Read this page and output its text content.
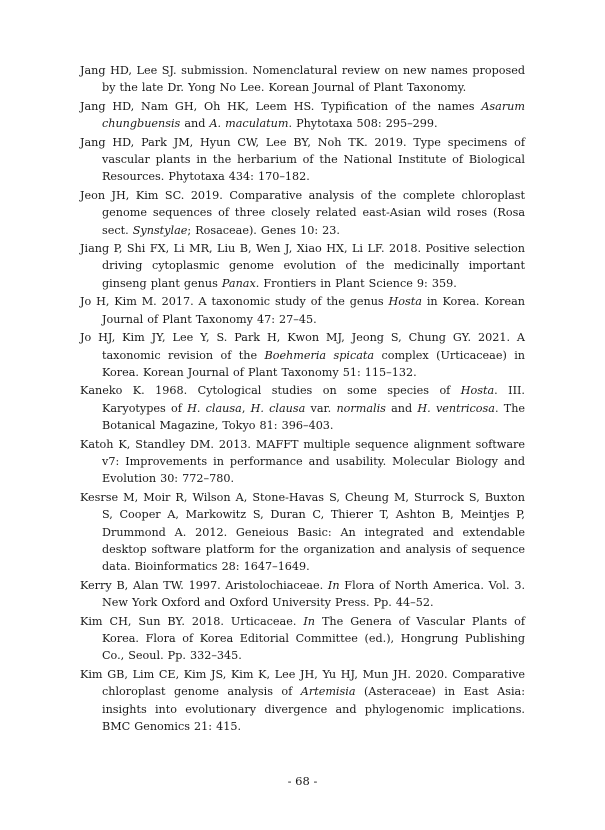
Jang HD, Lee SJ. submission. Nomenclatural review on new names proposed by the late Dr. Yong No Lee. Korean Journal of Plant Taxonomy.
Jang HD, Nam GH, Oh HK, Leem HS. Typification of the names Asarum chungbuensis and A. maculatum. Phytotaxa 508: 295–299.
Jang HD, Park JM, Hyun CW, Lee BY, Noh TK. 2019. Type specimens of vascular plants in the herbarium of the National Institute of Biological Resources. Phytotaxa 434: 170–182.
Jeon JH, Kim SC. 2019. Comparative analysis of the complete chloroplast genome sequences of three closely related east-Asian wild roses (Rosa sect. Synstylae; Rosaceae). Genes 10: 23.
Jiang P, Shi FX, Li MR, Liu B, Wen J, Xiao HX, Li LF. 2018. Positive selection driving cytoplasmic genome evolution of the medicinally important ginseng plant genus Panax. Frontiers in Plant Science 9: 359.
Jo H, Kim M. 2017. A taxonomic study of the genus Hosta in Korea. Korean Journal of Plant Taxonomy 47: 27–45.
Jo HJ, Kim JY, Lee Y, S. Park H, Kwon MJ, Jeong S, Chung GY. 2021. A taxonomic revision of the Boehmeria spicata complex (Urticaceae) in Korea. Korean Journal of Plant Taxonomy 51: 115–132.
Kaneko K. 1968. Cytological studies on some species of Hosta. III. Karyotypes of H. clausa, H. clausa var. normalis and H. ventricosa. The Botanical Magazine, Tokyo 81: 396–403.
Katoh K, Standley DM. 2013. MAFFT multiple sequence alignment software v7: Improvements in performance and usability. Molecular Biology and Evolution 30: 772–780.
Kesrse M, Moir R, Wilson A, Stone-Havas S, Cheung M, Sturrock S, Buxton S, Cooper A, Markowitz S, Duran C, Thierer T, Ashton B, Meintjes P, Drummond A. 2012. Geneious Basic: An integrated and extendable desktop software platform for the organization and analysis of sequence data. Bioinformatics 28: 1647–1649.
Kerry B, Alan TW. 1997. Aristolochiaceae. In Flora of North America. Vol. 3. New York Oxford and Oxford University Press. Pp. 44–52.
Kim CH, Sun BY. 2018. Urticaceae. In The Genera of Vascular Plants of Korea. Flora of Korea Editorial Committee (ed.), Hongrung Publishing Co., Seoul. Pp. 332–345.
Kim GB, Lim CE, Kim JS, Kim K, Lee JH, Yu HJ, Mun JH. 2020. Comparative chloroplast genome analysis of Artemisia (Asteraceae) in East Asia: insights into evolutionary divergence and phylogenomic implications. BMC Genomics 21: 415.
- 68 -
